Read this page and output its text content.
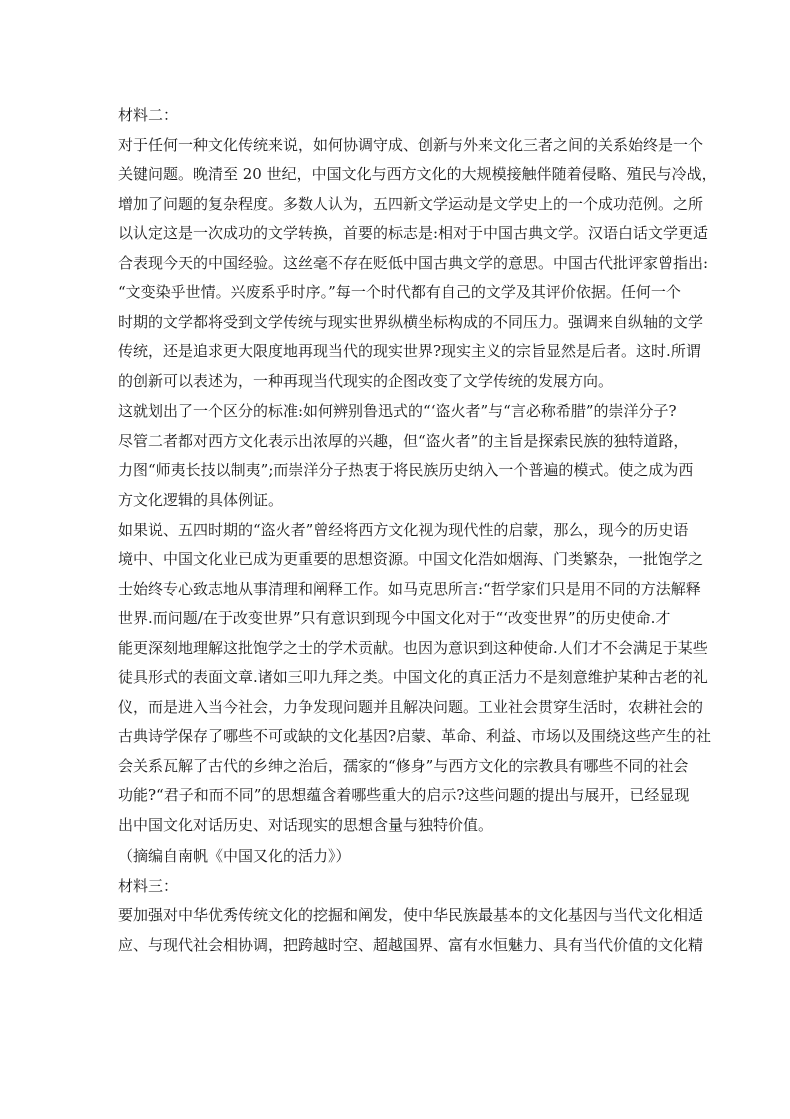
材料二：
对于任何一种文化传统来说，如何协调守成、创新与外来文化三者之间的关系始终是一个
关键问题。晚清至 20 世纪，中国文化与西方文化的大规模接触伴随着侵略、殖民与冷战，
增加了问题的复杂程度。多数人认为，五四新文学运动是文学史上的一个成功范例。之所
以认定这是一次成功的文学转换，首要的标志是:相对于中国古典文学。汉语白话文学更适
合表现今天的中国经验。这丝毫不存在贬低中国古典文学的意思。中国古代批评家曾指出:
“文变染乎世情。兴废系乎时序。”每一个时代都有自己的文学及其评价依据。任何一个
时期的文学都将受到文学传统与现实世界纵横坐标构成的不同压力。强调来自纵轴的文学
传统，还是追求更大限度地再现当代的现实世界?现实主义的宗旨显然是后者。这时.所谓
的创新可以表述为，一种再现当代现实的企图改变了文学传统的发展方向。
这就划出了一个区分的标准:如何辨别鲁迅式的“‘盗火者”与“言必称希腊”的崇洋分子?
尽管二者都对西方文化表示出浓厚的兴趣，但“盗火者”的主旨是探索民族的独特道路，
力图“师夷长技以制夷”;而崇洋分子热衷于将民族历史纳入一个普遍的模式。使之成为西
方文化逻辑的具体例证。
如果说、五四时期的“盗火者”曾经将西方文化视为现代性的启蒙，那么，现今的历史语
境中、中国文化业已成为更重要的思想资源。中国文化浩如烟海、门类繁杂，一批饱学之
士始终专心致志地从事清理和阐释工作。如马克思所言:“哲学家们只是用不同的方法解释
世界.而问题/在于改变世界”只有意识到现今中国文化对于“‘改变世界”的历史使命.才
能更深刻地理解这批饱学之士的学术贡献。也因为意识到这种使命.人们才不会满足于某些
徒具形式的表面文章.诸如三叩九拜之类。中国文化的真正活力不是刻意维护某种古老的礼
仪，而是进入当今社会，力争发现问题并且解决问题。工业社会贯穿生活时，农耕社会的
古典诗学保存了哪些不可或缺的文化基因?启蒙、革命、利益、市场以及围绕这些产生的社
会关系瓦解了古代的乡绅之治后，孺家的“修身”与西方文化的宗教具有哪些不同的社会
功能?“君子和而不同”的思想蕴含着哪些重大的启示?这些问题的提出与展开，已经显现
出中国文化对话历史、对话现实的思想含量与独特价值。
（摘编自南帆《中国又化的活力》）
材料三：
要加强对中华优秀传统文化的挖掘和阐发，使中华民族最基本的文化基因与当代文化相适
应、与现代社会相协调，把跨越时空、超越国界、富有水恒魅力、具有当代价值的文化精
